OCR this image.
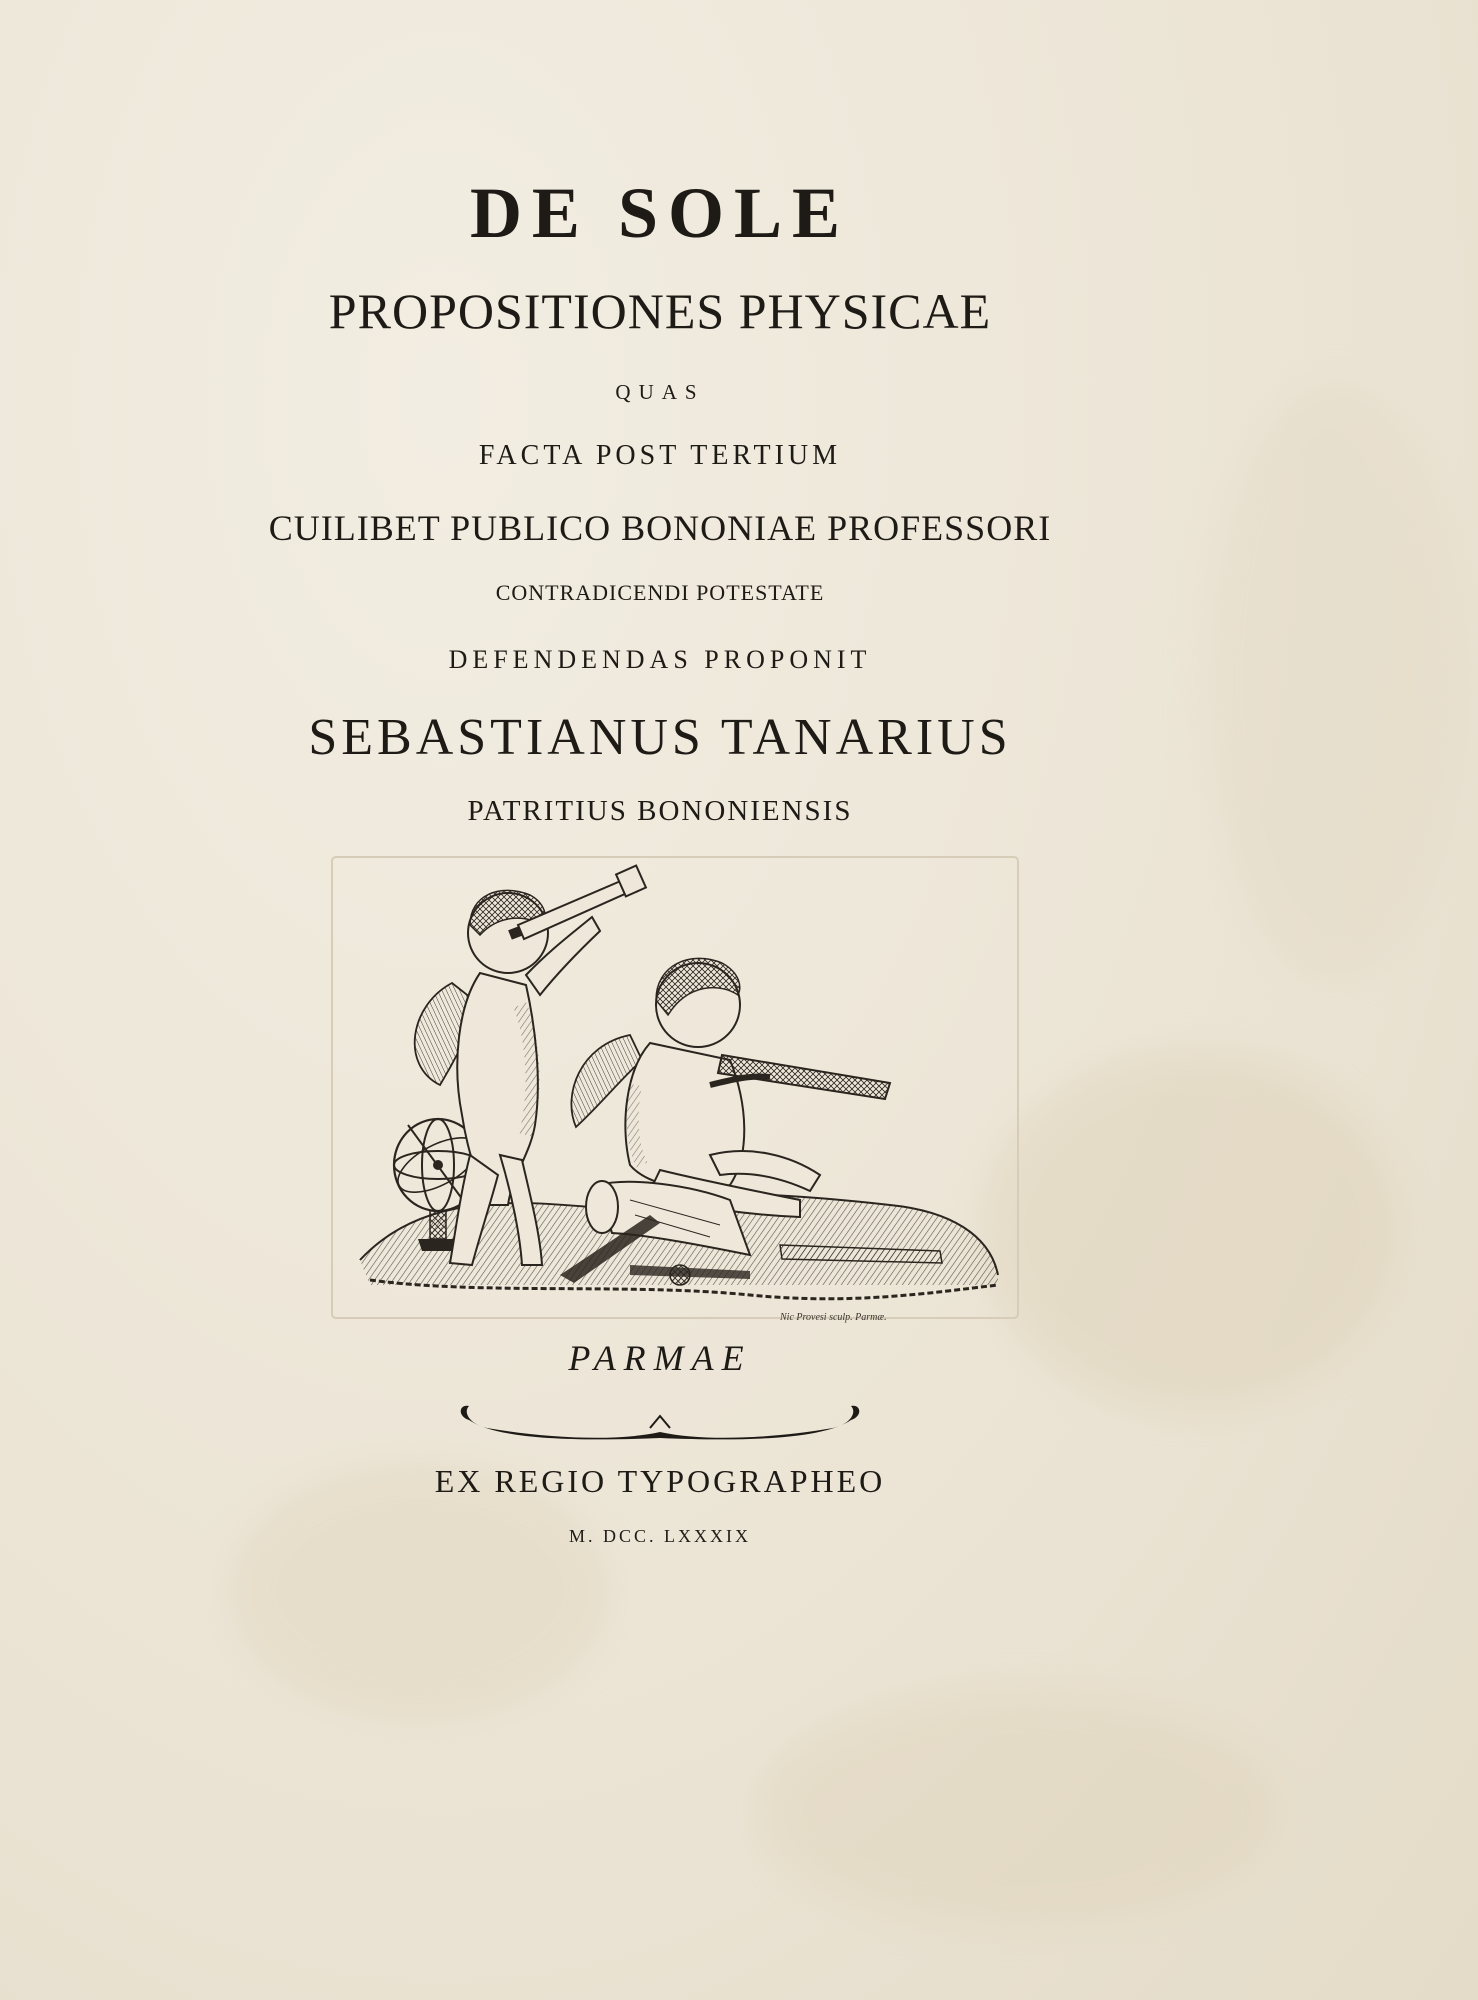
DE SOLE
PROPOSITIONES PHYSICAE
QUAS
FACTA POST TERTIUM
CUILIBET PUBLICO BONONIAE PROFESSORI
CONTRADICENDI POTESTATE
DEFENDENDAS PROPONIT
SEBASTIANUS TANARIUS
PATRITIUS BONONIENSIS
Nic Provesi sculp. Parmæ.
PARMAE
EX REGIO TYPOGRAPHEO
M. DCC. LXXXIX
